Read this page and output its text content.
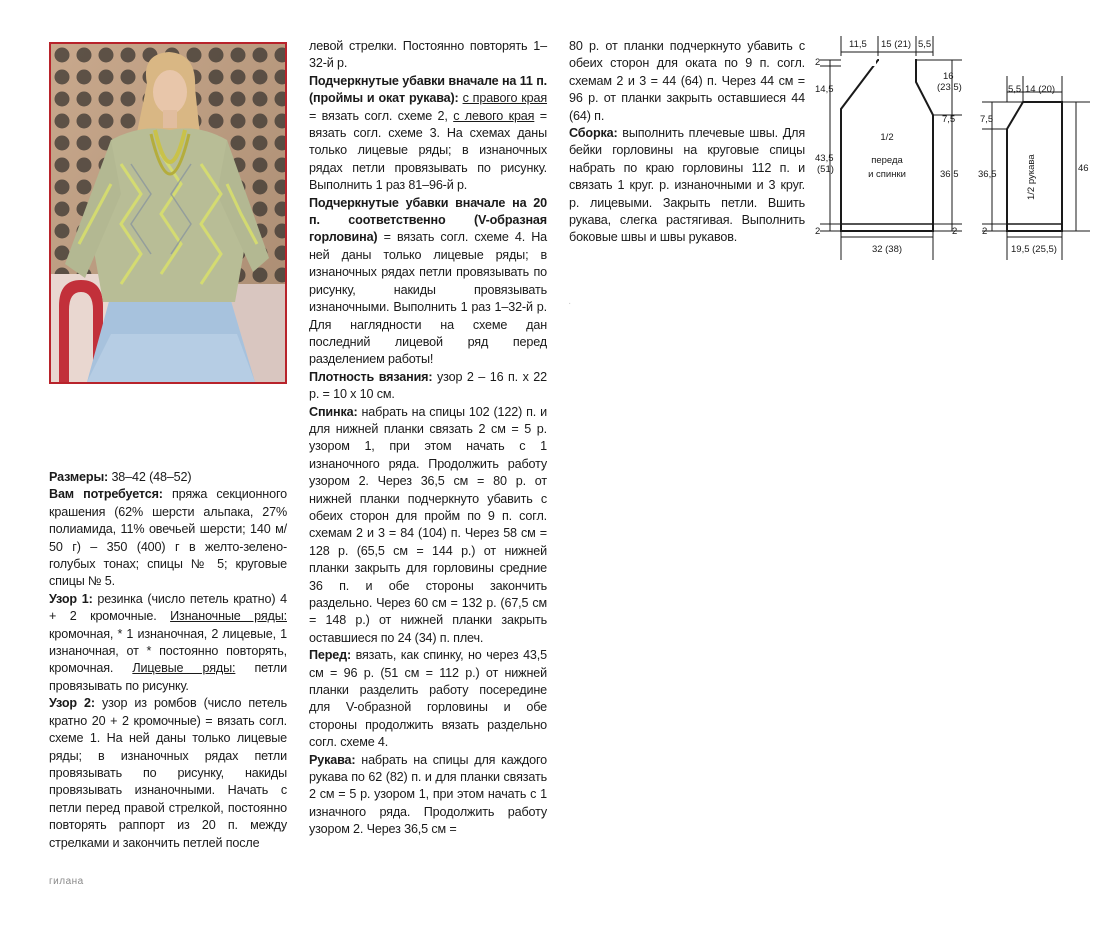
Размеры: 38–42 (48–52)

Вам потребуется: пряжа секционного крашения (62% шерсти альпака, 27% полиамида, 11% овечьей шерсти; 140 м/ 50 г) – 350 (400) г в желто-зелено-голубых тонах; спицы № 5; круговые спицы № 5.

Узор 1: резинка (число петель кратно) 4 + 2 кромочные. Изнаночные ряды: кромочная, * 1 изнаночная, 2 лицевые, 1 изнаночная, от * постоянно повторять, кромочная. Лицевые ряды: петли провязывать по рисунку.

Узор 2: узор из ромбов (число петель кратно 20 + 2 кромочные) = вязать согл. схеме 1. На ней даны только лицевые ряды; в изнаночных рядах петли провязывать по рисунку, накиды провязывать изнаночными. Начать с петли перед правой стрелкой, постоянно повторять раппорт из 20 п. между стрелками и закончить петлей после

левой стрелки. Постоянно повторять 1–32-й р.

Подчеркнутые убавки вначале на 11 п. (проймы и окат рукава): с правого края = вязать согл. схеме 2, с левого края = вязать согл. схеме 3. На схемах даны только лицевые ряды; в изнаночных рядах петли провязывать по рисунку. Выполнить 1 раз 81–96-й р.

Подчеркнутые убавки вначале на 20 п. соответственно (V-образная горловина) = вязать согл. схеме 4. На ней даны только лицевые ряды; в изнаночных рядах петли провязывать по рисунку, накиды провязывать изнаночными. Выполнить 1 раз 1–32-й р. Для наглядности на схеме дан последний лицевой ряд перед разделением работы!

Плотность вязания: узор 2 – 16 п. х 22 р. = 10 х 10 см.

Спинка: набрать на спицы 102 (122) п. и для нижней планки связать 2 см = 5 р. узором 1, при этом начать с 1 изнаночного ряда. Продолжить работу узором 2. Через 36,5 см = 80 р. от нижней планки подчеркнуто убавить с обеих сторон для пройм по 9 п. согл. схемам 2 и 3 = 84 (104) п. Через 58 см = 128 р. (65,5 см = 144 р.) от нижней планки закрыть для горловины средние 36 п. и обе стороны закончить раздельно. Через 60 см = 132 р. (67,5 см = 148 р.) от нижней планки закрыть оставшиеся по 24 (34) п. плеч.

Перед: вязать, как спинку, но через 43,5 см = 96 р. (51 см = 112 р.) от нижней планки разделить работу посередине для V-образной горловины и обе стороны продолжить вязать раздельно согл. схеме 4.

Рукава: набрать на спицы для каждого рукава по 62 (82) п. и для планки связать 2 см = 5 р. узором 1, при этом начать с 1 изначного ряда. Продолжить работу узором 2. Через 36,5 см =

80 р. от планки подчеркнуто убавить с обеих сторон для оката по 9 п. согл. схемам 2 и 3 = 44 (64) п. Через 44 см = 96 р. от планки закрыть оставшиеся 44 (64) п.

Сборка: выполнить плечевые швы. Для бейки горловины на круговые спицы набрать по краю горловины 112 п. и связать 1 круг. р. изнаночными и 3 круг. р. лицевыми. Закрыть петли. Вшить рукава, слегка растягивая. Выполнить боковые швы и швы рукавов.

гилана
·
11,5 15 (21) 5,5
2
14,5
43,5
(51)
2
1/2
переда
и спинки
16
(23,5)
7,5
36,5
2
32 (38)
5,5 14 (20)
7,5
36,5
2
46
1/2 рукава
19,5 (25,5)
